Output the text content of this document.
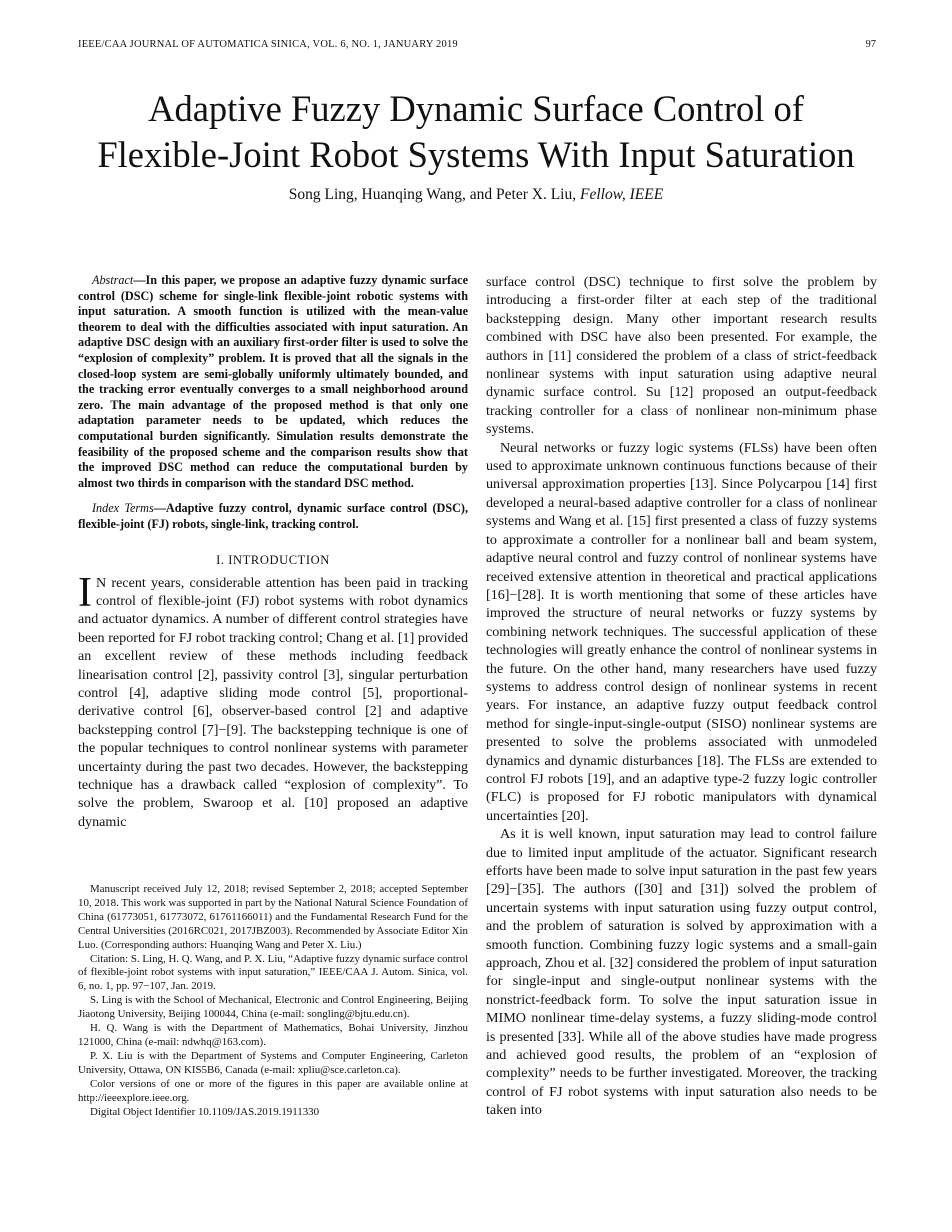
IEEE/CAA JOURNAL OF AUTOMATICA SINICA, VOL. 6, NO. 1, JANUARY 2019	97
Adaptive Fuzzy Dynamic Surface Control of
Flexible-Joint Robot Systems With Input Saturation
Song Ling, Huanqing Wang, and Peter X. Liu, Fellow, IEEE

Abstract—In this paper, we propose an adaptive fuzzy dynamic surface control (DSC) scheme for single-link flexible-joint robotic systems with input saturation. A smooth function is utilized with the mean-value theorem to deal with the difficulties associated with input saturation. An adaptive DSC design with an auxiliary first-order filter is used to solve the “explosion of complexity” problem. It is proved that all the signals in the closed-loop system are semi-globally uniformly ultimately bounded, and the tracking error eventually converges to a small neighborhood around zero. The main advantage of the proposed method is that only one adaptation parameter needs to be updated, which reduces the computational burden significantly. Simulation results demonstrate the feasibility of the proposed scheme and the comparison results show that the improved DSC method can reduce the computational burden by almost two thirds in comparison with the standard DSC method.

Index Terms—Adaptive fuzzy control, dynamic surface control (DSC), flexible-joint (FJ) robots, single-link, tracking control.

I. INTRODUCTION

I N recent years, considerable attention has been paid in tracking control of flexible-joint (FJ) robot systems with robot dynamics and actuator dynamics. A number of different control strategies have been reported for FJ robot tracking control; Chang et al. [1] provided an excellent review of these methods including feedback linearisation control [2], passivity control [3], singular perturbation control [4], adaptive sliding mode control [5], proportional-derivative control [6], observer-based control [2] and adaptive backstepping control [7]−[9]. The backstepping technique is one of the popular techniques to control nonlinear systems with parameter uncertainty during the past two decades. However, the backstepping technique has a drawback called “explosion of complexity”. To solve the problem, Swaroop et al. [10] proposed an adaptive dynamic

Manuscript received July 12, 2018; revised September 2, 2018; accepted September 10, 2018. This work was supported in part by the National Natural Science Foundation of China (61773051, 61773072, 61761166011) and the Fundamental Research Fund for the Central Universities (2016RC021, 2017JBZ003). Recommended by Associate Editor Xin Luo. (Corresponding authors: Huanqing Wang and Peter X. Liu.)

Citation: S. Ling, H. Q. Wang, and P. X. Liu, “Adaptive fuzzy dynamic surface control of flexible-joint robot systems with input saturation,” IEEE/CAA J. Autom. Sinica, vol. 6, no. 1, pp. 97−107, Jan. 2019.

S. Ling is with the School of Mechanical, Electronic and Control Engineering, Beijing Jiaotong University, Beijing 100044, China (e-mail: songling@bjtu.edu.cn).

H. Q. Wang is with the Department of Mathematics, Bohai University, Jinzhou 121000, China (e-mail: ndwhq@163.com).

P. X. Liu is with the Department of Systems and Computer Engineering, Carleton University, Ottawa, ON KIS5B6, Canada (e-mail: xpliu@sce.carleton.ca).

Color versions of one or more of the figures in this paper are available online at http://ieeexplore.ieee.org.

Digital Object Identifier 10.1109/JAS.2019.1911330

surface control (DSC) technique to first solve the problem by introducing a first-order filter at each step of the traditional backstepping design. Many other important research results combined with DSC have also been presented. For example, the authors in [11] considered the problem of a class of strict-feedback nonlinear systems with input saturation using adaptive neural dynamic surface control. Su [12] proposed an output-feedback tracking controller for a class of nonlinear non-minimum phase systems.

Neural networks or fuzzy logic systems (FLSs) have been often used to approximate unknown continuous functions because of their universal approximation properties [13]. Since Polycarpou [14] first developed a neural-based adaptive controller for a class of nonlinear systems and Wang et al. [15] first presented a class of fuzzy systems to approximate a controller for a nonlinear ball and beam system, adaptive neural control and fuzzy control of nonlinear systems have received extensive attention in theoretical and practical applications [16]−[28]. It is worth mentioning that some of these articles have improved the structure of neural networks or fuzzy systems by combining network techniques. The successful application of these technologies will greatly enhance the control of nonlinear systems in the future. On the other hand, many researchers have used fuzzy systems to address control design of nonlinear systems in recent years. For instance, an adaptive fuzzy output feedback control method for single-input-single-output (SISO) nonlinear systems are presented to solve the problems associated with unmodeled dynamics and dynamic disturbances [18]. The FLSs are extended to control FJ robots [19], and an adaptive type-2 fuzzy logic controller (FLC) is proposed for FJ robotic manipulators with dynamical uncertainties [20].

As it is well known, input saturation may lead to control failure due to limited input amplitude of the actuator. Significant research efforts have been made to solve input saturation in the past few years [29]−[35]. The authors ([30] and [31]) solved the problem of uncertain systems with input saturation using fuzzy output control, and the problem of saturation is solved by approximation with a smooth function. Combining fuzzy logic systems and a small-gain approach, Zhou et al. [32] considered the problem of input saturation for single-input and single-output nonlinear systems with the nonstrict-feedback form. To solve the input saturation issue in MIMO nonlinear time-delay systems, a fuzzy sliding-mode control is presented [33]. While all of the above studies have made progress and achieved good results, the problem of an “explosion of complexity” needs to be further investigated. Moreover, the tracking control of FJ robot systems with input saturation also needs to be taken into
